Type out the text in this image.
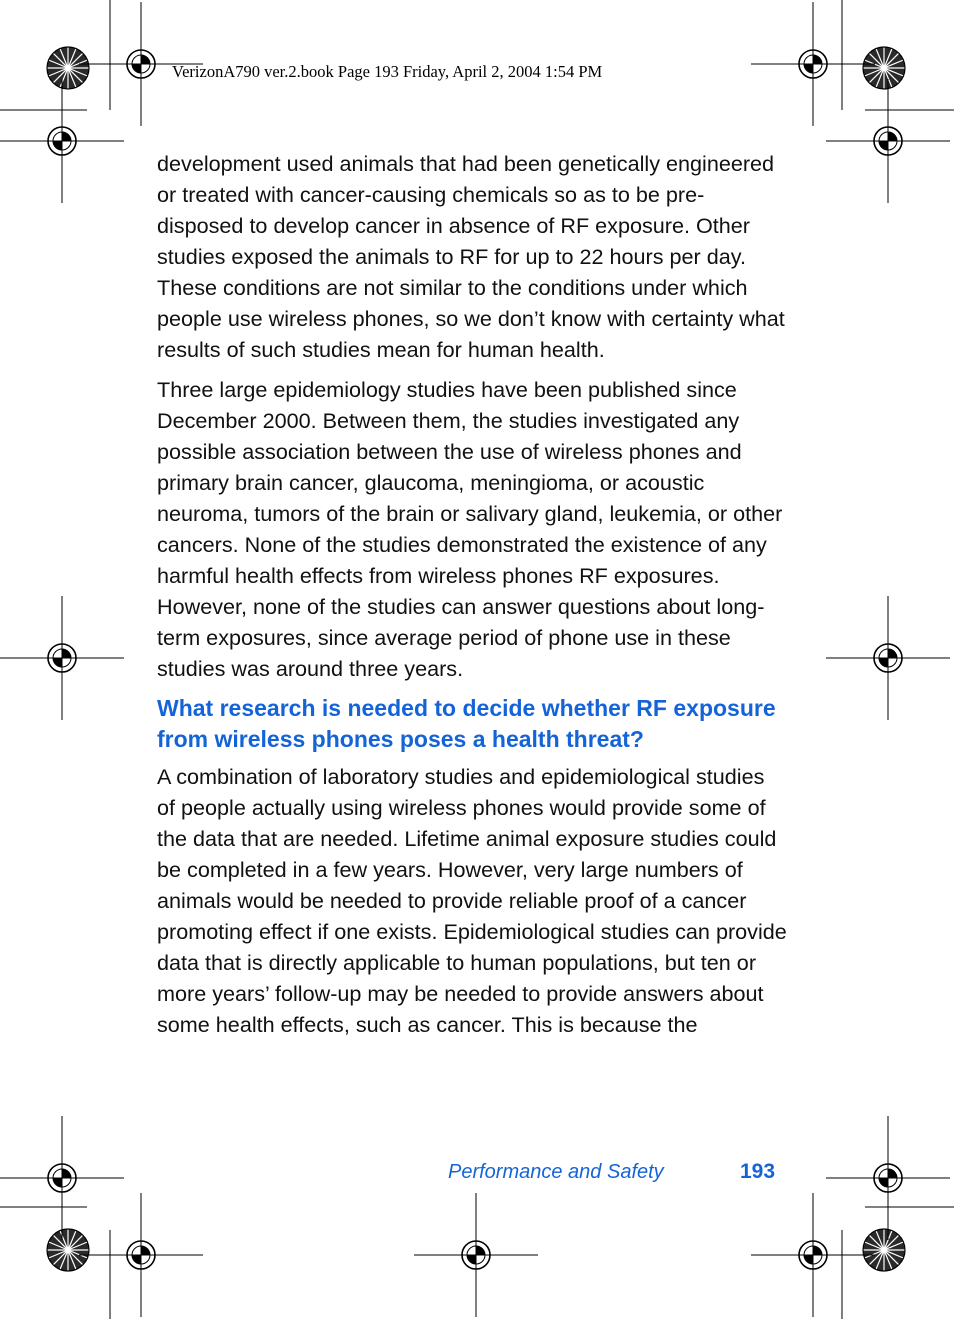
VerizonA790 ver.2.book Page 193 Friday, April 2, 2004 1:54 PM

development used animals that had been genetically engineered or treated with cancer-causing chemicals so as to be pre-disposed to develop cancer in absence of RF exposure. Other studies exposed the animals to RF for up to 22 hours per day. These conditions are not similar to the conditions under which people use wireless phones, so we don’t know with certainty what results of such studies mean for human health.

Three large epidemiology studies have been published since December 2000. Between them, the studies investigated any possible association between the use of wireless phones and primary brain cancer, glaucoma, meningioma, or acoustic neuroma, tumors of the brain or salivary gland, leukemia, or other cancers. None of the studies demonstrated the existence of any harmful health effects from wireless phones RF exposures. However, none of the studies can answer questions about long-term exposures, since average period of phone use in these studies was around three years.

What research is needed to decide whether RF exposure from wireless phones poses a health threat?

A combination of laboratory studies and epidemiological studies of people actually using wireless phones would provide some of the data that are needed. Lifetime animal exposure studies could be completed in a few years. However, very large numbers of animals would be needed to provide reliable proof of a cancer promoting effect if one exists. Epidemiological studies can provide data that is directly applicable to human populations, but ten or more years’ follow-up may be needed to provide answers about some health effects, such as cancer. This is because the

Performance and Safety	193
